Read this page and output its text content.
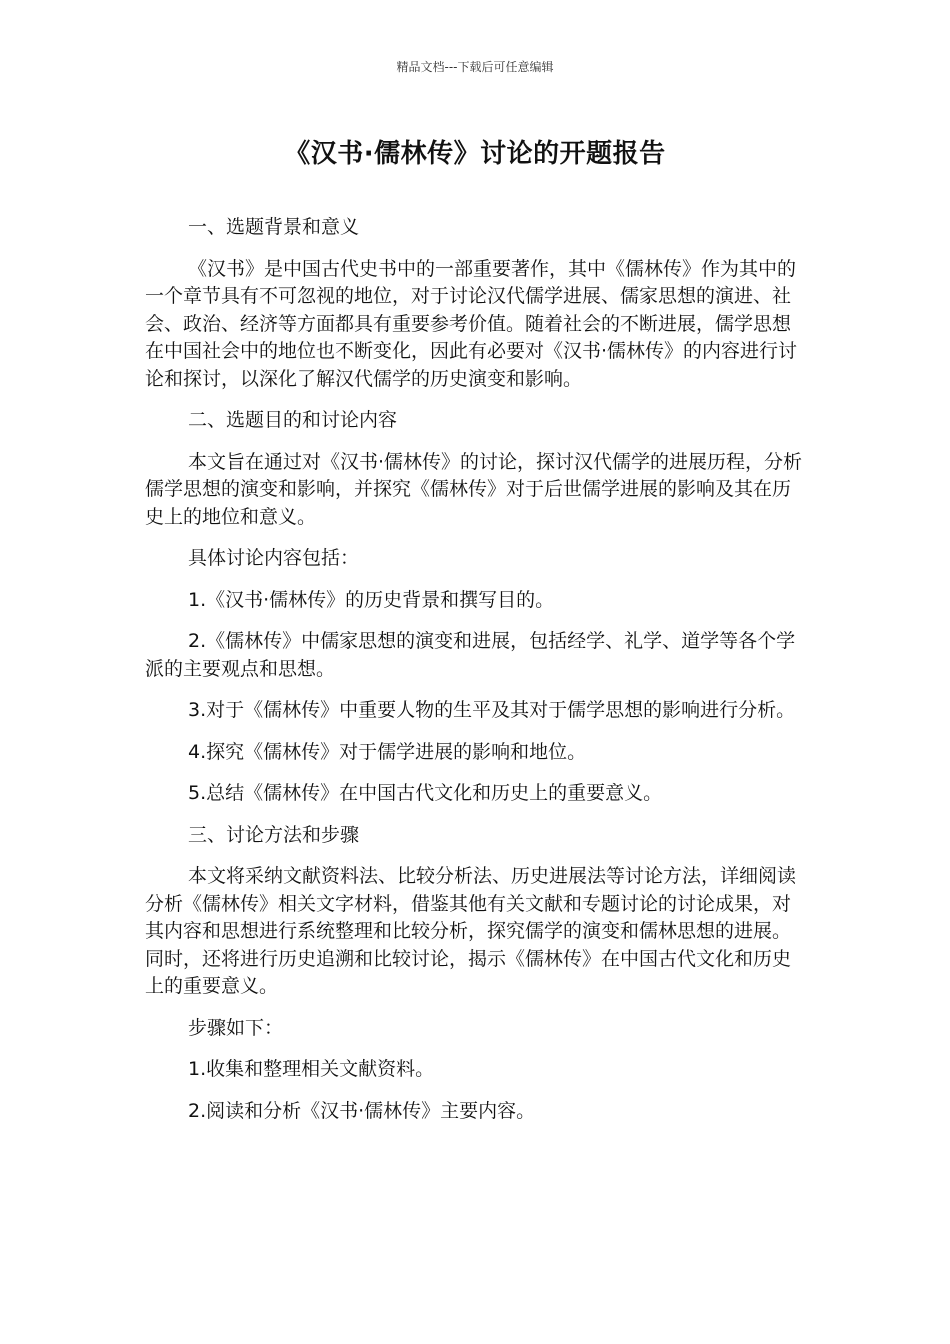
精品文档---下载后可任意编辑
《汉书·儒林传》讨论的开题报告

一、选题背景和意义

《汉书》是中国古代史书中的一部重要著作，其中《儒林传》作为其中的一个章节具有不可忽视的地位，对于讨论汉代儒学进展、儒家思想的演进、社会、政治、经济等方面都具有重要参考价值。随着社会的不断进展，儒学思想在中国社会中的地位也不断变化，因此有必要对《汉书·儒林传》的内容进行讨论和探讨，以深化了解汉代儒学的历史演变和影响。

二、选题目的和讨论内容

本文旨在通过对《汉书·儒林传》的讨论，探讨汉代儒学的进展历程，分析儒学思想的演变和影响，并探究《儒林传》对于后世儒学进展的影响及其在历史上的地位和意义。

具体讨论内容包括：

1.《汉书·儒林传》的历史背景和撰写目的。

2.《儒林传》中儒家思想的演变和进展，包括经学、礼学、道学等各个学派的主要观点和思想。

3.对于《儒林传》中重要人物的生平及其对于儒学思想的影响进行分析。

4.探究《儒林传》对于儒学进展的影响和地位。

5.总结《儒林传》在中国古代文化和历史上的重要意义。

三、讨论方法和步骤

本文将采纳文献资料法、比较分析法、历史进展法等讨论方法，详细阅读分析《儒林传》相关文字材料，借鉴其他有关文献和专题讨论的讨论成果，对其内容和思想进行系统整理和比较分析，探究儒学的演变和儒林思想的进展。同时，还将进行历史追溯和比较讨论，揭示《儒林传》在中国古代文化和历史上的重要意义。

步骤如下：

1.收集和整理相关文献资料。

2.阅读和分析《汉书·儒林传》主要内容。
